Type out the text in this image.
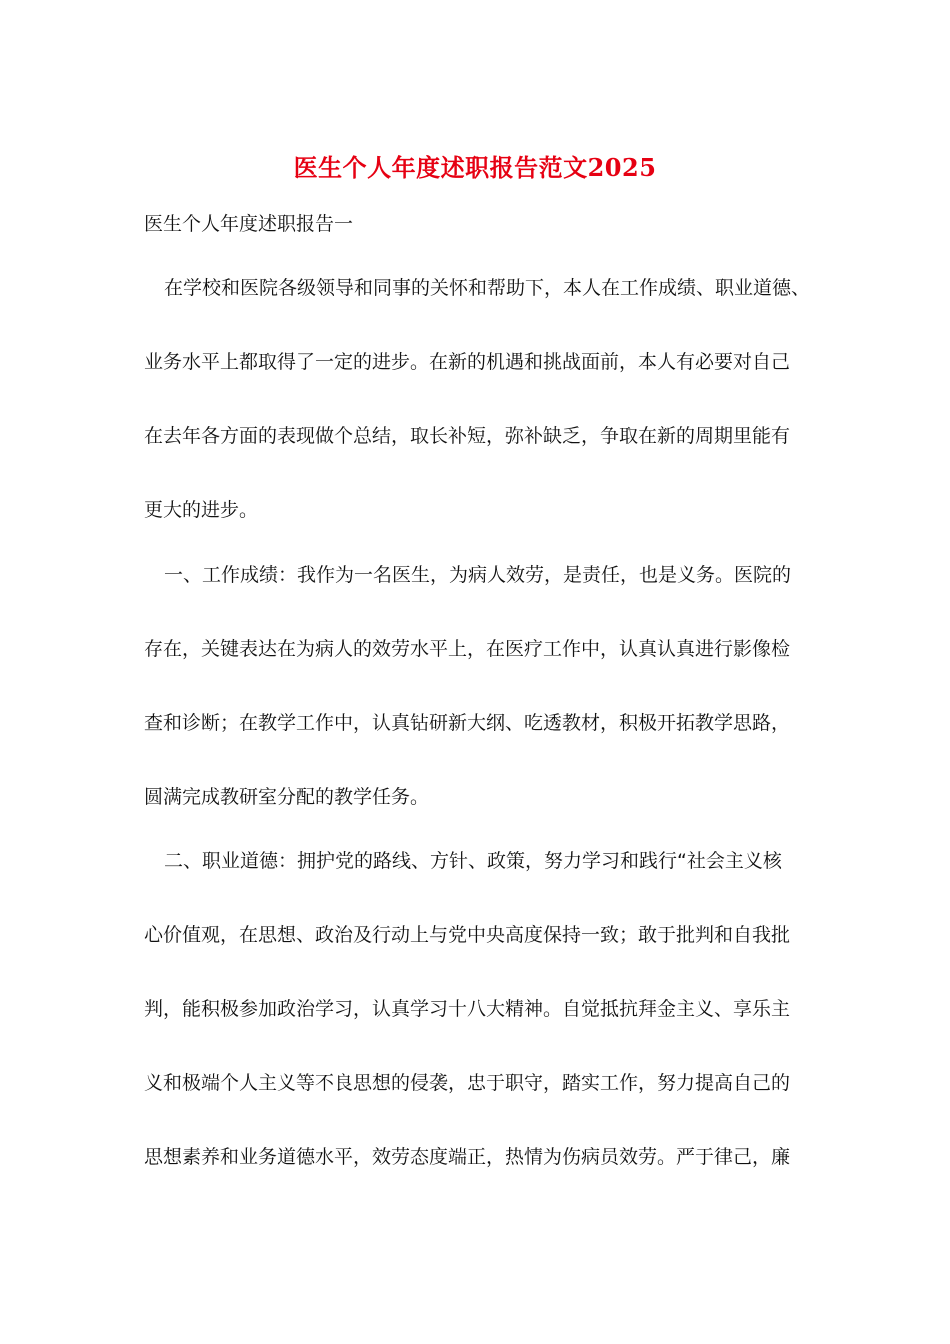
医生个人年度述职报告范文2025

医生个人年度述职报告一

在学校和医院各级领导和同事的关怀和帮助下，本人在工作成绩、职业道德、

业务水平上都取得了一定的进步。在新的机遇和挑战面前，本人有必要对自己

在去年各方面的表现做个总结，取长补短，弥补缺乏，争取在新的周期里能有

更大的进步。

一、工作成绩：我作为一名医生，为病人效劳，是责任，也是义务。医院的

存在，关键表达在为病人的效劳水平上，在医疗工作中，认真认真进行影像检

查和诊断；在教学工作中，认真钻研新大纲、吃透教材，积极开拓教学思路，

圆满完成教研室分配的教学任务。

二、职业道德：拥护党的路线、方针、政策，努力学习和践行“社会主义核

心价值观，在思想、政治及行动上与党中央高度保持一致；敢于批判和自我批

判，能积极参加政治学习，认真学习十八大精神。自觉抵抗拜金主义、享乐主

义和极端个人主义等不良思想的侵袭，忠于职守，踏实工作，努力提高自己的

思想素养和业务道德水平，效劳态度端正，热情为伤病员效劳。严于律己，廉
